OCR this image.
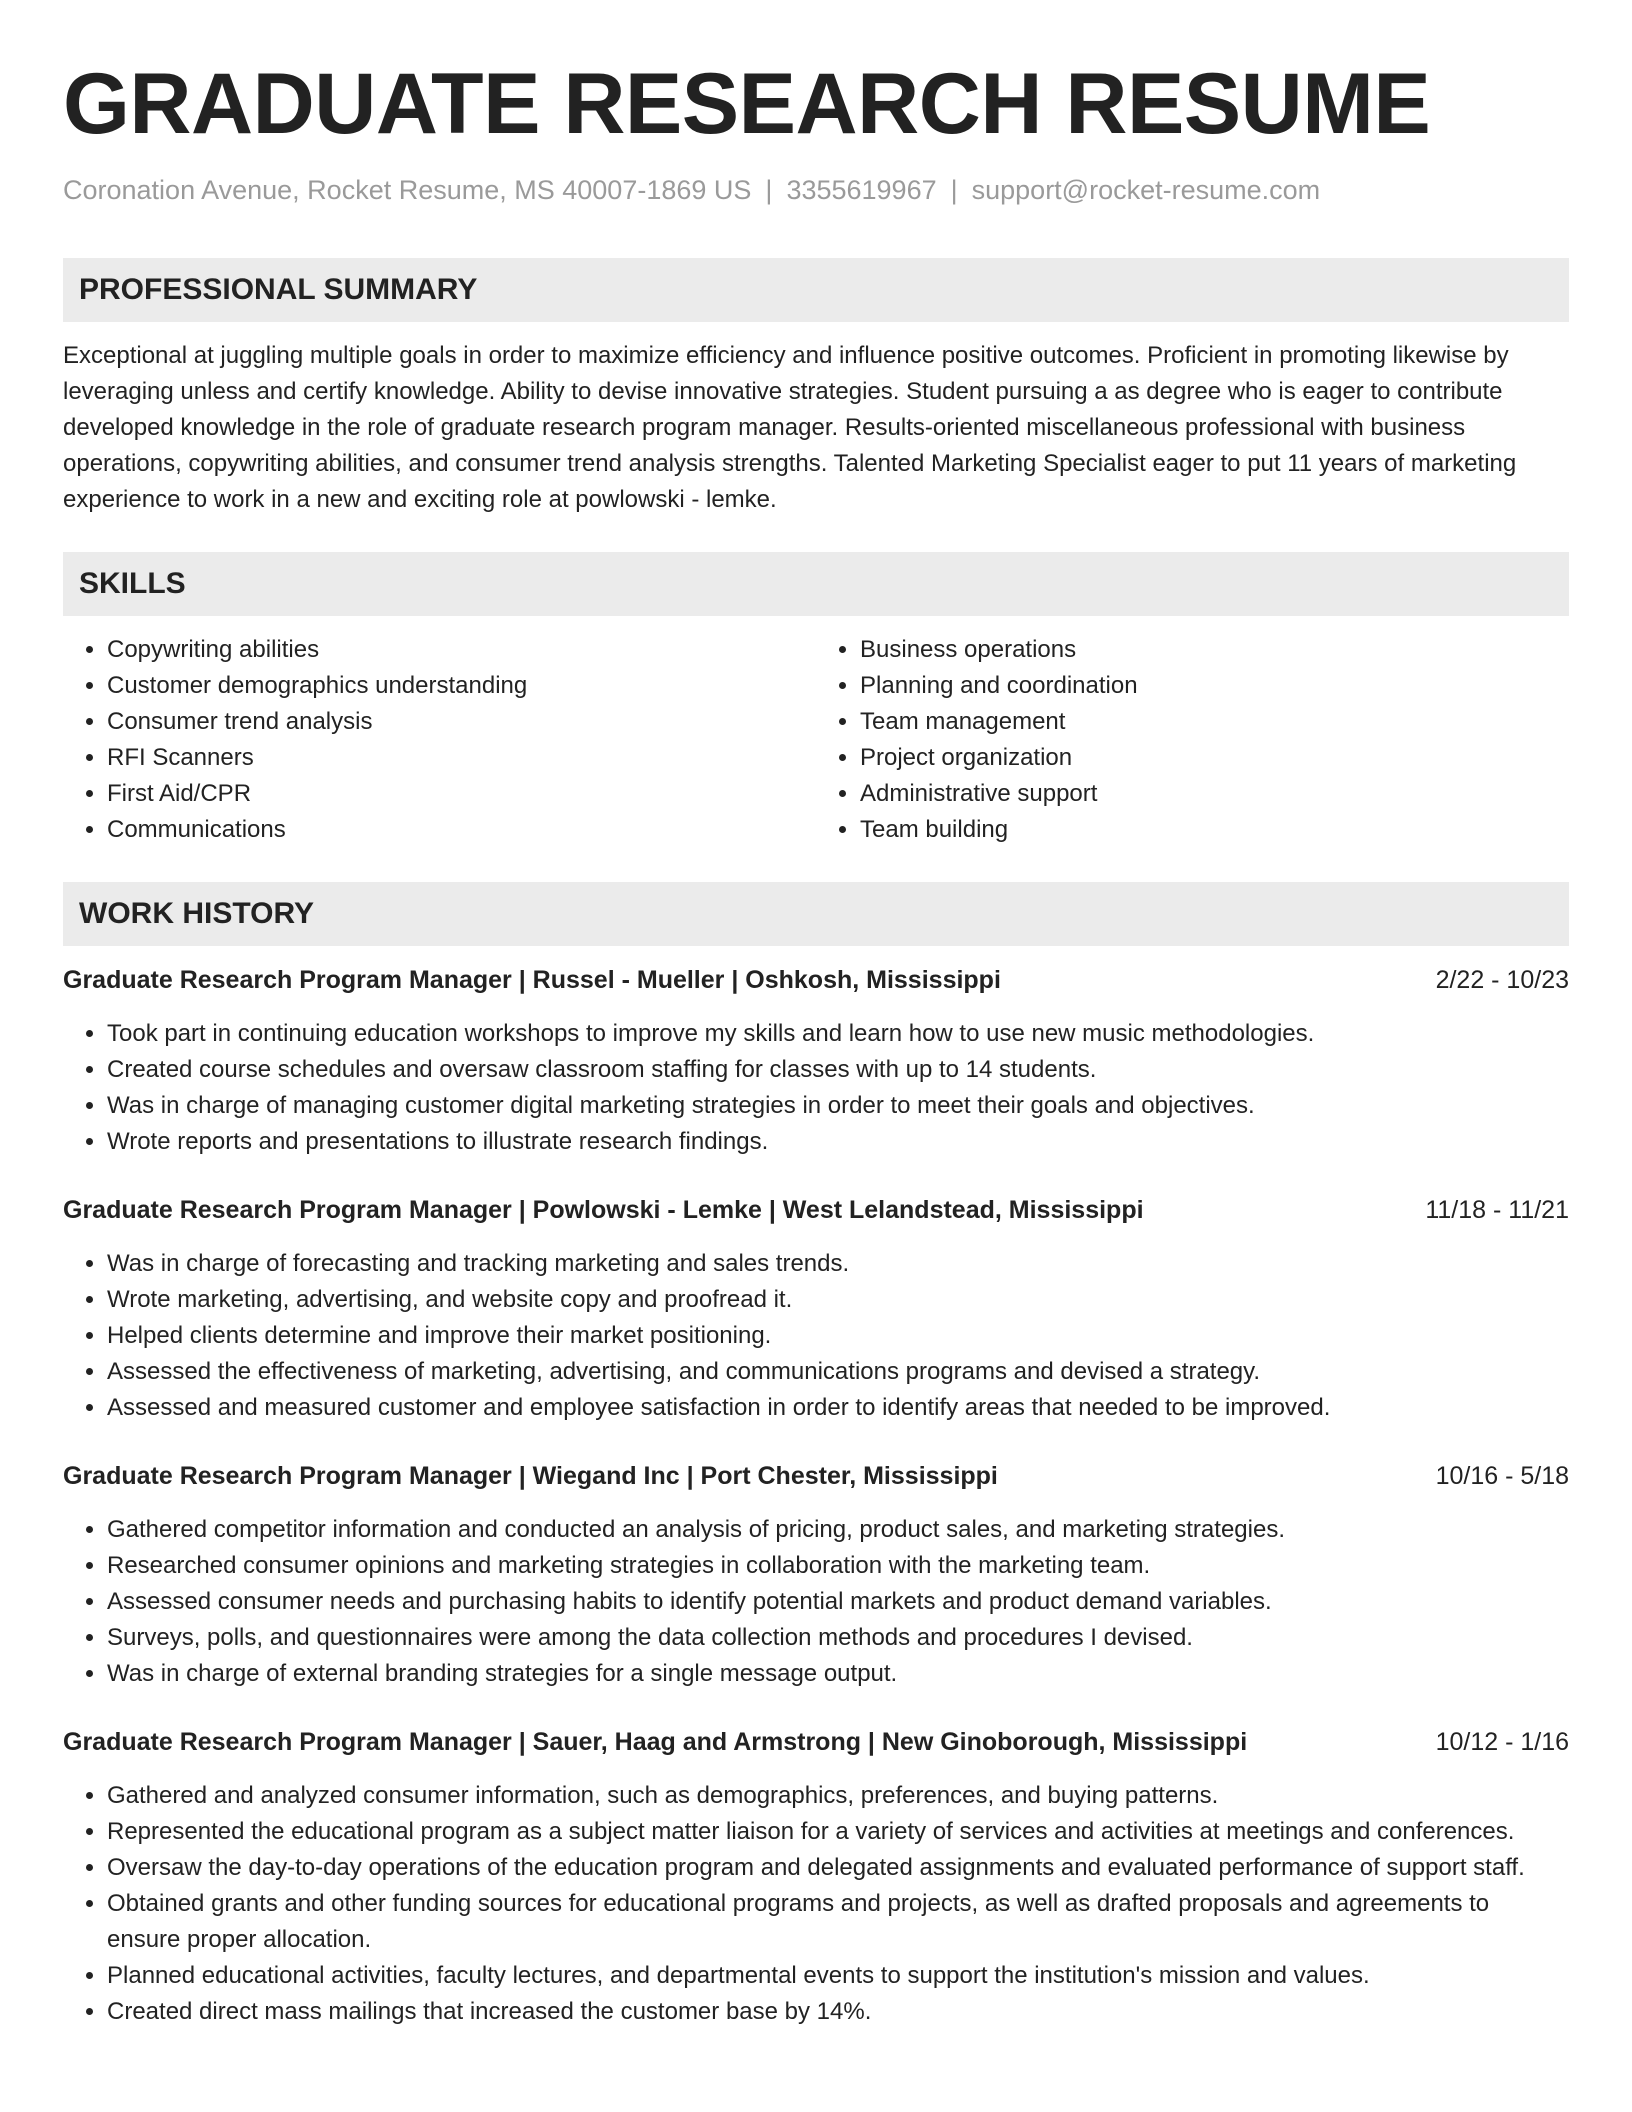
GRADUATE RESEARCH RESUME
Coronation Avenue, Rocket Resume, MS 40007-1869 US | 3355619967 | support@rocket-resume.com
PROFESSIONAL SUMMARY
Exceptional at juggling multiple goals in order to maximize efficiency and influence positive outcomes. Proficient in promoting likewise by leveraging unless and certify knowledge. Ability to devise innovative strategies. Student pursuing a as degree who is eager to contribute developed knowledge in the role of graduate research program manager. Results-oriented miscellaneous professional with business operations, copywriting abilities, and consumer trend analysis strengths. Talented Marketing Specialist eager to put 11 years of marketing experience to work in a new and exciting role at powlowski - lemke.
SKILLS
• Copywriting abilities
• Customer demographics understanding
• Consumer trend analysis
• RFI Scanners
• First Aid/CPR
• Communications
• Business operations
• Planning and coordination
• Team management
• Project organization
• Administrative support
• Team building
WORK HISTORY
Graduate Research Program Manager | Russel - Mueller | Oshkosh, Mississippi	2/22 - 10/23
• Took part in continuing education workshops to improve my skills and learn how to use new music methodologies.
• Created course schedules and oversaw classroom staffing for classes with up to 14 students.
• Was in charge of managing customer digital marketing strategies in order to meet their goals and objectives.
• Wrote reports and presentations to illustrate research findings.
Graduate Research Program Manager | Powlowski - Lemke | West Lelandstead, Mississippi	11/18 - 11/21
• Was in charge of forecasting and tracking marketing and sales trends.
• Wrote marketing, advertising, and website copy and proofread it.
• Helped clients determine and improve their market positioning.
• Assessed the effectiveness of marketing, advertising, and communications programs and devised a strategy.
• Assessed and measured customer and employee satisfaction in order to identify areas that needed to be improved.
Graduate Research Program Manager | Wiegand Inc | Port Chester, Mississippi	10/16 - 5/18
• Gathered competitor information and conducted an analysis of pricing, product sales, and marketing strategies.
• Researched consumer opinions and marketing strategies in collaboration with the marketing team.
• Assessed consumer needs and purchasing habits to identify potential markets and product demand variables.
• Surveys, polls, and questionnaires were among the data collection methods and procedures I devised.
• Was in charge of external branding strategies for a single message output.
Graduate Research Program Manager | Sauer, Haag and Armstrong | New Ginoborough, Mississippi	10/12 - 1/16
• Gathered and analyzed consumer information, such as demographics, preferences, and buying patterns.
• Represented the educational program as a subject matter liaison for a variety of services and activities at meetings and conferences.
• Oversaw the day-to-day operations of the education program and delegated assignments and evaluated performance of support staff.
• Obtained grants and other funding sources for educational programs and projects, as well as drafted proposals and agreements to ensure proper allocation.
• Planned educational activities, faculty lectures, and departmental events to support the institution's mission and values.
• Created direct mass mailings that increased the customer base by 14%.
